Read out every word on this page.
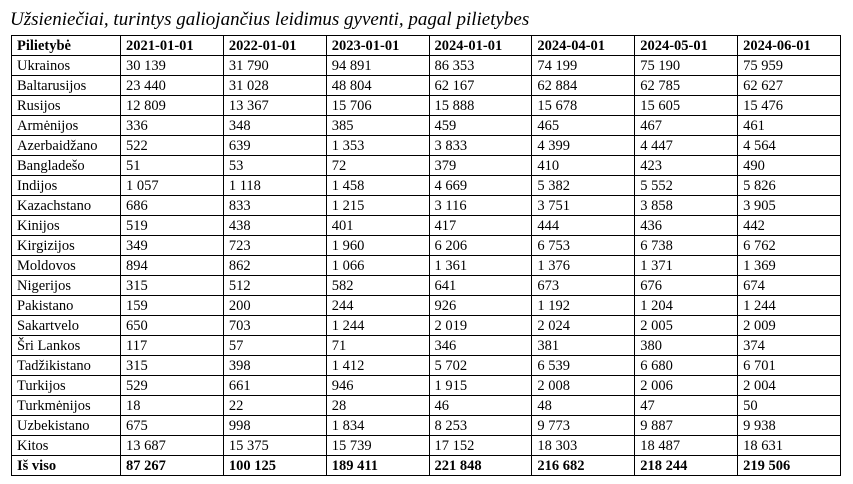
Užsieniečiai, turintys galiojančius leidimus gyventi, pagal pilietybes
Pilietybė	2021-01-01	2022-01-01	2023-01-01	2024-01-01	2024-04-01	2024-05-01	2024-06-01
Ukrainos	30 139	31 790	94 891	86 353	74 199	75 190	75 959
Baltarusijos	23 440	31 028	48 804	62 167	62 884	62 785	62 627
Rusijos	12 809	13 367	15 706	15 888	15 678	15 605	15 476
Armėnijos	336	348	385	459	465	467	461
Azerbaidžano	522	639	1 353	3 833	4 399	4 447	4 564
Bangladešo	51	53	72	379	410	423	490
Indijos	1 057	1 118	1 458	4 669	5 382	5 552	5 826
Kazachstano	686	833	1 215	3 116	3 751	3 858	3 905
Kinijos	519	438	401	417	444	436	442
Kirgizijos	349	723	1 960	6 206	6 753	6 738	6 762
Moldovos	894	862	1 066	1 361	1 376	1 371	1 369
Nigerijos	315	512	582	641	673	676	674
Pakistano	159	200	244	926	1 192	1 204	1 244
Sakartvelo	650	703	1 244	2 019	2 024	2 005	2 009
Šri Lankos	117	57	71	346	381	380	374
Tadžikistano	315	398	1 412	5 702	6 539	6 680	6 701
Turkijos	529	661	946	1 915	2 008	2 006	2 004
Turkmėnijos	18	22	28	46	48	47	50
Uzbekistano	675	998	1 834	8 253	9 773	9 887	9 938
Kitos	13 687	15 375	15 739	17 152	18 303	18 487	18 631
Iš viso	87 267	100 125	189 411	221 848	216 682	218 244	219 506
